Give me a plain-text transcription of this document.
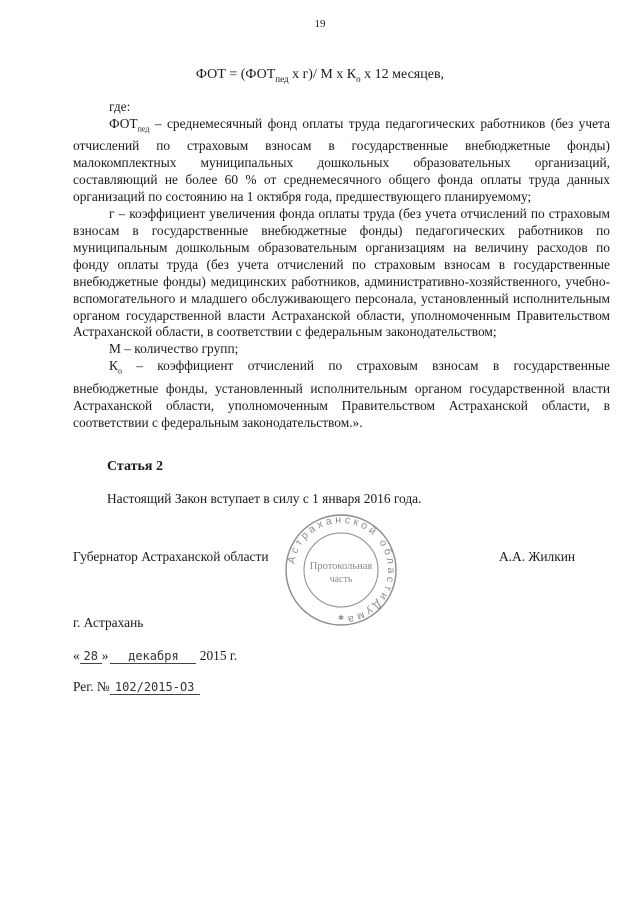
19
ФОТ = ($ФОТ_{пед}$ х г)/ М х $К_о$ х 12 месяцев,

где:

$ФОТ_{пед}$ – среднемесячный фонд оплаты труда педагогических работников (без учета отчислений по страховым взносам в государственные внебюджетные фонды) малокомплектных муниципальных дошкольных образовательных организаций, составляющий не более 60 % от среднемесячного общего фонда оплаты труда данных организаций по состоянию на 1 октября года, предшествующего планируемому;

г – коэффициент увеличения фонда оплаты труда (без учета отчислений по страховым взносам в государственные внебюджетные фонды) педагогических работников по муниципальным дошкольным образовательным организациям на величину расходов по фонду оплаты труда (без учета отчислений по страховым взносам в государственные внебюджетные фонды) медицинских работников, административно-хозяйственного, учебно-вспомогательного и младшего обслуживающего персонала, установленный исполнительным органом государственной власти Астраханской области, уполномоченным Правительством Астраханской области, в соответствии с федеральным законодательством;

М – количество групп;

$К_о$ – коэффициент отчислений по страховым взносам в государственные внебюджетные фонды, установленный исполнительным органом государственной власти Астраханской области, уполномоченным Правительством Астраханской области, в соответствии с федеральным законодательством.».

Статья 2
Настоящий Закон вступает в силу с 1 января 2016 года.
Губернатор Астраханской области	А.А. Жилкин
Астраханской областиДума
Протокольная
часть
✱
г. Астрахань
« 28 » декабря 2015 г.
Рег. № 102/2015-ОЗ
